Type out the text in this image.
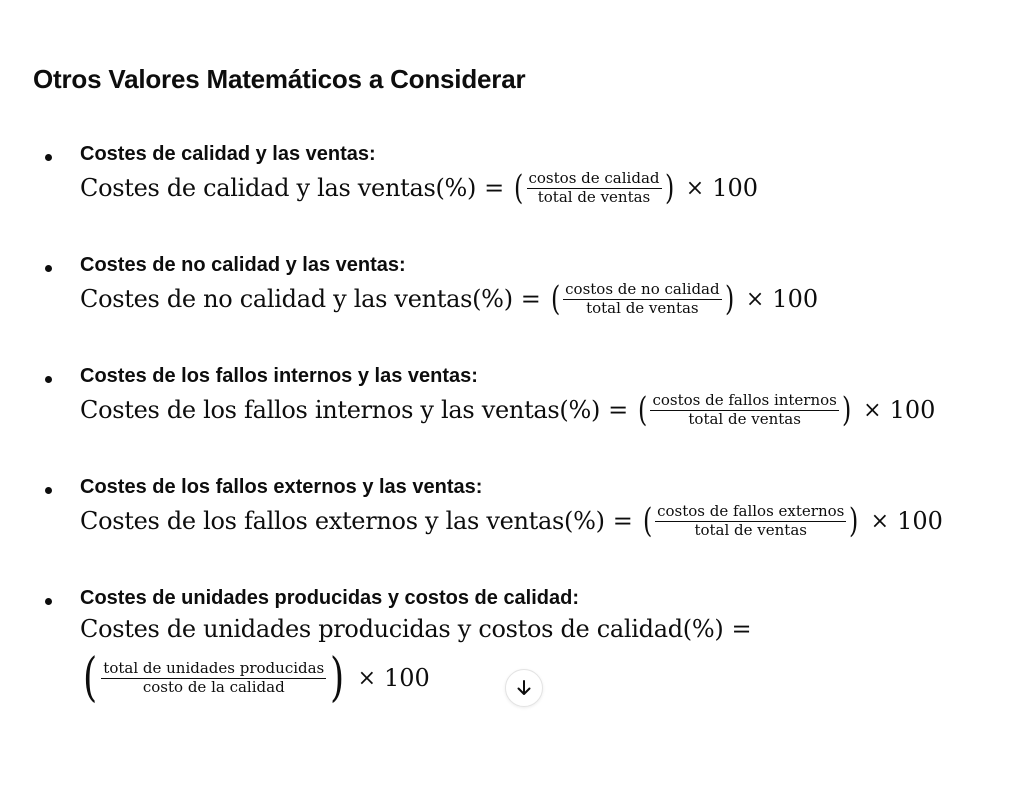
Otros Valores Matemáticos a Considerar
Costes de calidad y las ventas:
Costes de calidad y las ventas(%) = ( $\frac{\text{costos de calidad}}{\text{total de ventas}}$ ) × 100
Costes de no calidad y las ventas:
Costes de no calidad y las ventas(%) = ( $\frac{\text{costos de no calidad}}{\text{total de ventas}}$ ) × 100
Costes de los fallos internos y las ventas:
Costes de los fallos internos y las ventas(%) = ( $\frac{\text{costos de fallos internos}}{\text{total de ventas}}$ ) × 100
Costes de los fallos externos y las ventas:
Costes de los fallos externos y las ventas(%) = ( $\frac{\text{costos de fallos externos}}{\text{total de ventas}}$ ) × 100
Costes de unidades producidas y costos de calidad:
Costes de unidades producidas y costos de calidad(%) =
( $\frac{\text{total de unidades producidas}}{\text{costo de la calidad}}$ ) × 100
